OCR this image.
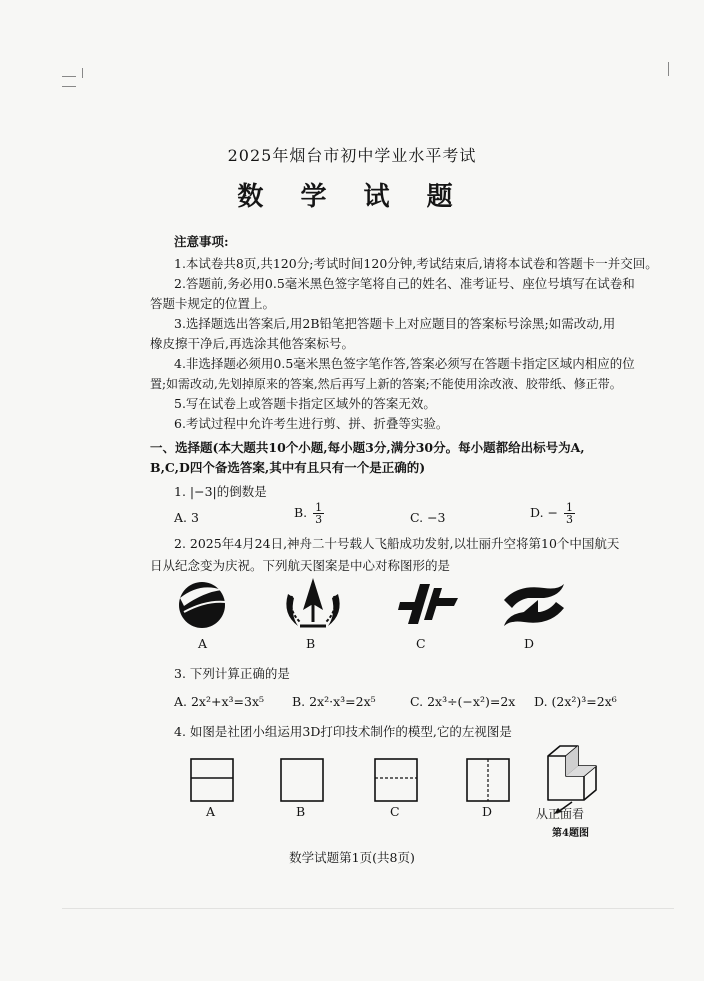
2025年烟台市初中学业水平考试
数 学 试 题
注意事项:
1.本试卷共8页,共120分;考试时间120分钟,考试结束后,请将本试卷和答题卡一并交回。
2.答题前,务必用0.5毫米黑色签字笔将自己的姓名、准考证号、座位号填写在试卷和
答题卡规定的位置上。
3.选择题选出答案后,用2B铅笔把答题卡上对应题目的答案标号涂黑;如需改动,用
橡皮擦干净后,再选涂其他答案标号。
4.非选择题必须用0.5毫米黑色签字笔作答,答案必须写在答题卡指定区域内相应的位
置;如需改动,先划掉原来的答案,然后再写上新的答案;不能使用涂改液、胶带纸、修正带。
5.写在试卷上或答题卡指定区域外的答案无效。
6.考试过程中允许考生进行剪、拼、折叠等实验。
一、选择题(本大题共10个小题,每小题3分,满分30分。每小题都给出标号为A,
B,C,D四个备选答案,其中有且只有一个是正确的)
1. |−3|的倒数是
A. 3	B. $\frac{1}{3}$	C. −3	D. − $\frac{1}{3}$
2. 2025年4月24日,神舟二十号载人飞船成功发射,以壮丽升空将第10个中国航天
日从纪念变为庆祝。下列航天图案是中心对称图形的是
A	B	C	D
3. 下列计算正确的是
A. 2x²+x³=3x⁵ B. 2x²·x³=2x⁵	C. 2x³÷(−x²)=2x D. (2x²)³=2x⁶
4. 如图是社团小组运用3D打印技术制作的模型,它的左视图是
从正面看
A	B	C	D
第4题图
数学试题第1页(共8页)
